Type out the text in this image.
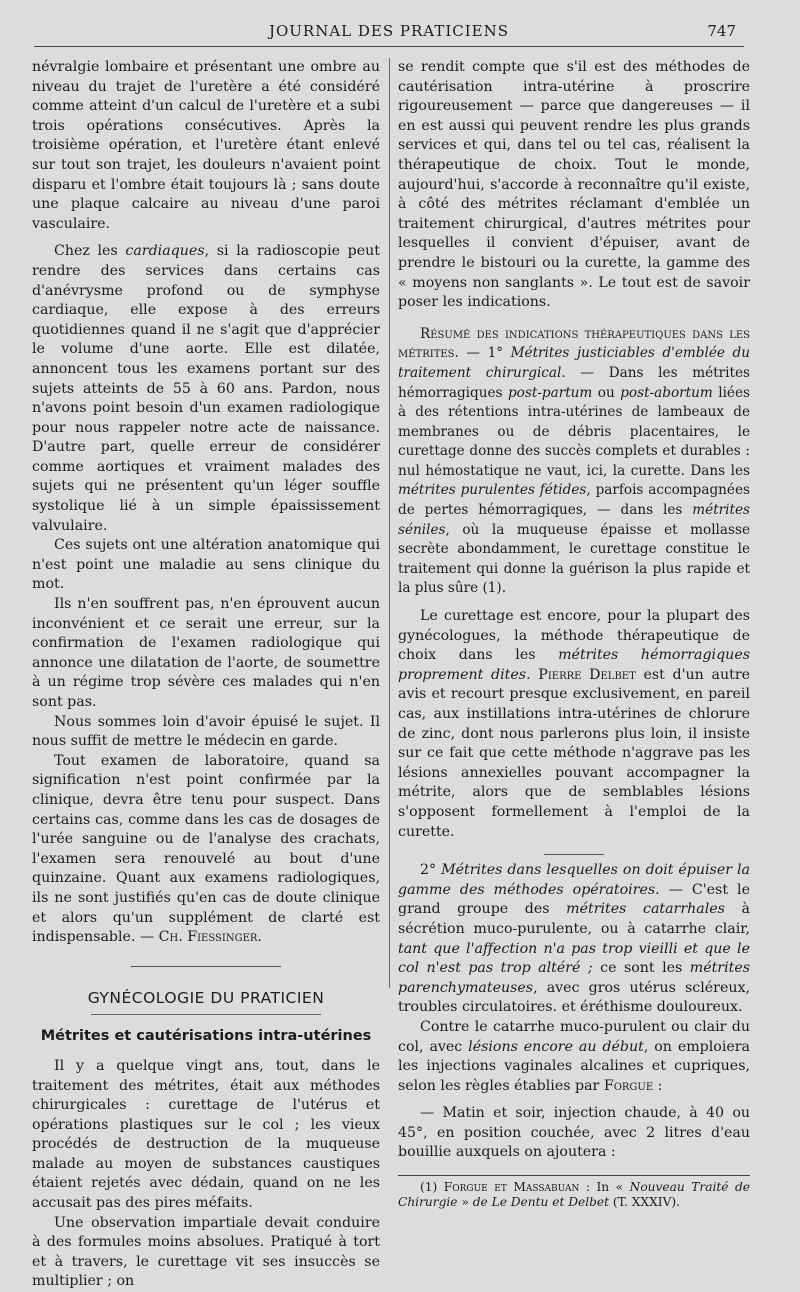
JOURNAL DES PRATICIENS	747

névralgie lombaire et présentant une ombre au niveau du trajet de l'uretère a été considéré comme atteint d'un calcul de l'uretère et a subi trois opérations consécutives. Après la troisième opération, et l'uretère étant enlevé sur tout son trajet, les douleurs n'avaient point disparu et l'ombre était toujours là ; sans doute une plaque calcaire au niveau d'une paroi vasculaire.

Chez les cardiaques, si la radioscopie peut rendre des services dans certains cas d'anévrysme profond ou de symphyse cardiaque, elle expose à des erreurs quotidiennes quand il ne s'agit que d'apprécier le volume d'une aorte. Elle est dilatée, annoncent tous les examens portant sur des sujets atteints de 55 à 60 ans. Pardon, nous n'avons point besoin d'un examen radiologique pour nous rappeler notre acte de naissance. D'autre part, quelle erreur de considérer comme aortiques et vraiment malades des sujets qui ne présentent qu'un léger souffle systolique lié à un simple épaississement valvulaire.

Ces sujets ont une altération anatomique qui n'est point une maladie au sens clinique du mot.

Ils n'en souffrent pas, n'en éprouvent aucun inconvénient et ce serait une erreur, sur la confirmation de l'examen radiologique qui annonce une dilatation de l'aorte, de soumettre à un régime trop sévère ces malades qui n'en sont pas.

Nous sommes loin d'avoir épuisé le sujet. Il nous suffit de mettre le médecin en garde.

Tout examen de laboratoire, quand sa signification n'est point confirmée par la clinique, devra être tenu pour suspect. Dans certains cas, comme dans les cas de dosages de l'urée sanguine ou de l'analyse des crachats, l'examen sera renouvelé au bout d'une quinzaine. Quant aux examens radiologiques, ils ne sont justifiés qu'en cas de doute clinique et alors qu'un supplément de clarté est indispensable. — Ch. Fiessinger.

GYNÉCOLOGIE DU PRATICIEN
Métrites et cautérisations intra-utérines

Il y a quelque vingt ans, tout, dans le traitement des métrites, était aux méthodes chirurgicales : curettage de l'utérus et opérations plastiques sur le col ; les vieux procédés de destruction de la muqueuse malade au moyen de substances caustiques étaient rejetés avec dédain, quand on ne les accusait pas des pires méfaits.

Une observation impartiale devait conduire à des formules moins absolues. Pratiqué à tort et à travers, le curettage vit ses insuccès se multiplier ; on

se rendit compte que s'il est des méthodes de cautérisation intra-utérine à proscrire rigoureusement — parce que dangereuses — il en est aussi qui peuvent rendre les plus grands services et qui, dans tel ou tel cas, réalisent la thérapeutique de choix. Tout le monde, aujourd'hui, s'accorde à reconnaître qu'il existe, à côté des métrites réclamant d'emblée un traitement chirurgical, d'autres métrites pour lesquelles il convient d'épuiser, avant de prendre le bistouri ou la curette, la gamme des « moyens non sanglants ». Le tout est de savoir poser les indications.

Résumé des indications thérapeutiques dans les métrites. — 1° Métrites justiciables d'emblée du traitement chirurgical. — Dans les métrites hémorragiques post-partum ou post-abortum liées à des rétentions intra-utérines de lambeaux de membranes ou de débris placentaires, le curettage donne des succès complets et durables : nul hémostatique ne vaut, ici, la curette. Dans les métrites purulentes fétides, parfois accompagnées de pertes hémorragiques, — dans les métrites séniles, où la muqueuse épaisse et mollasse secrète abondamment, le curettage constitue le traitement qui donne la guérison la plus rapide et la plus sûre (1).

Le curettage est encore, pour la plupart des gynécologues, la méthode thérapeutique de choix dans les métrites hémorragiques proprement dites. Pierre Delbet est d'un autre avis et recourt presque exclusivement, en pareil cas, aux instillations intra-utérines de chlorure de zinc, dont nous parlerons plus loin, il insiste sur ce fait que cette méthode n'aggrave pas les lésions annexielles pouvant accompagner la métrite, alors que de semblables lésions s'opposent formellement à l'emploi de la curette.

2° Métrites dans lesquelles on doit épuiser la gamme des méthodes opératoires. — C'est le grand groupe des métrites catarrhales à sécrétion muco-purulente, ou à catarrhe clair, tant que l'affection n'a pas trop vieilli et que le col n'est pas trop altéré ; ce sont les métrites parenchymateuses, avec gros utérus scléreux, troubles circulatoires. et éréthisme douloureux.

Contre le catarrhe muco-purulent ou clair du col, avec lésions encore au début, on emploiera les injections vaginales alcalines et cupriques, selon les règles établies par Forgue :

— Matin et soir, injection chaude, à 40 ou 45°, en position couchée, avec 2 litres d'eau bouillie auxquels on ajoutera :

(1) Forgue et Massabuan : In « Nouveau Traité de Chirurgie » de Le Dentu et Delbet (T. XXXIV).
